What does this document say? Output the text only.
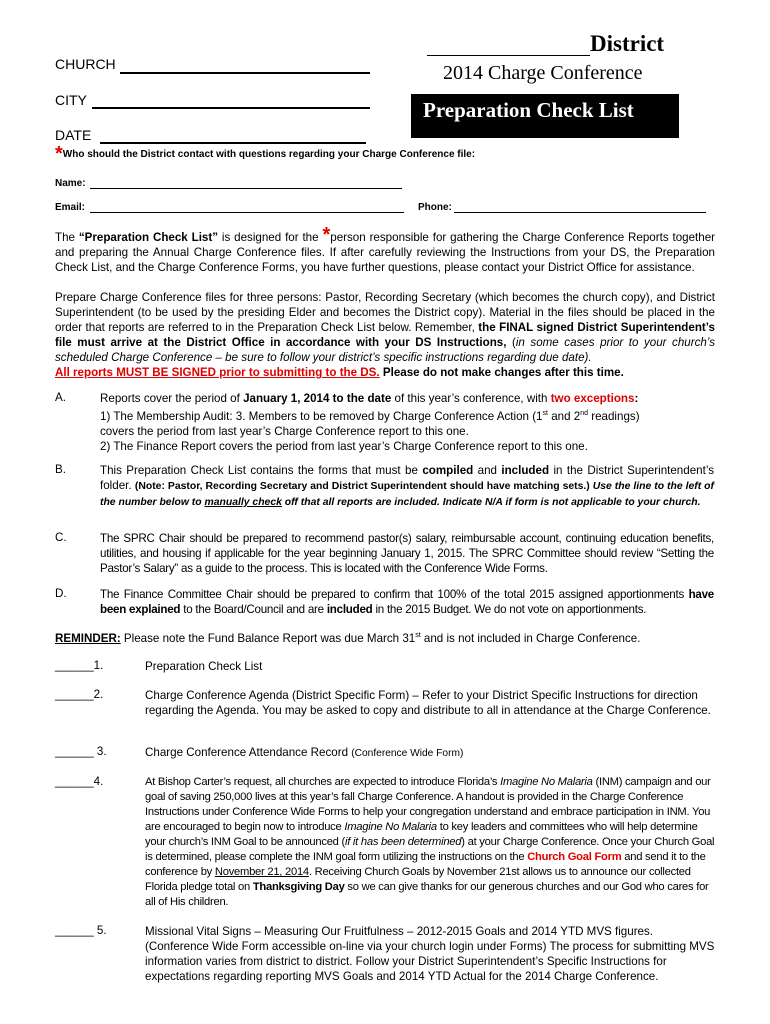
CHURCH
CITY
DATE
District
2014 Charge Conference
Preparation Check List
*Who should the District contact with questions regarding your Charge Conference file:
Name:
Email:	Phone:
The “Preparation Check List” is designed for the *person responsible for gathering the Charge Conference Reports together and preparing the Annual Charge Conference files. If after carefully reviewing the Instructions from your DS, the Preparation Check List, and the Charge Conference Forms, you have further questions, please contact your District Office for assistance.
Prepare Charge Conference files for three persons: Pastor, Recording Secretary (which becomes the church copy), and District Superintendent (to be used by the presiding Elder and becomes the District copy). Material in the files should be placed in the order that reports are referred to in the Preparation Check List below. Remember, the FINAL signed District Superintendent’s file must arrive at the District Office in accordance with your DS Instructions, (in some cases prior to your church’s scheduled Charge Conference – be sure to follow your district’s specific instructions regarding due date).
All reports MUST BE SIGNED prior to submitting to the DS. Please do not make changes after this time.
A.	Reports cover the period of January 1, 2014 to the date of this year’s conference, with two exceptions:
1) The Membership Audit: 3. Members to be removed by Charge Conference Action (1st and 2nd readings)
covers the period from last year’s Charge Conference report to this one.
2) The Finance Report covers the period from last year’s Charge Conference report to this one.
B.	This Preparation Check List contains the forms that must be compiled and included in the District Superintendent’s folder. (Note: Pastor, Recording Secretary and District Superintendent should have matching sets.) Use the line to the left of the number below to manually check off that all reports are included. Indicate N/A if form is not applicable to your church.
C.	The SPRC Chair should be prepared to recommend pastor(s) salary, reimbursable account, continuing education benefits, utilities, and housing if applicable for the year beginning January 1, 2015. The SPRC Committee should review “Setting the Pastor’s Salary” as a guide to the process. This is located with the Conference Wide Forms.
D.	The Finance Committee Chair should be prepared to confirm that 100% of the total 2015 assigned apportionments have been explained to the Board/Council and are included in the 2015 Budget. We do not vote on apportionments.
REMINDER: Please note the Fund Balance Report was due March 31st and is not included in Charge Conference.
______1.	Preparation Check List
______2.	Charge Conference Agenda (District Specific Form) – Refer to your District Specific Instructions for direction regarding the Agenda. You may be asked to copy and distribute to all in attendance at the Charge Conference.
______ 3.	Charge Conference Attendance Record (Conference Wide Form)
______4.	At Bishop Carter’s request, all churches are expected to introduce Florida’s Imagine No Malaria (INM) campaign and our goal of saving 250,000 lives at this year’s fall Charge Conference. A handout is provided in the Charge Conference Instructions under Conference Wide Forms to help your congregation understand and embrace participation in INM. You are encouraged to begin now to introduce Imagine No Malaria to key leaders and committees who will help determine your church’s INM Goal to be announced (if it has been determined) at your Charge Conference. Once your Church Goal is determined, please complete the INM goal form utilizing the instructions on the Church Goal Form and send it to the conference by November 21, 2014. Receiving Church Goals by November 21st allows us to announce our collected Florida pledge total on Thanksgiving Day so we can give thanks for our generous churches and our God who cares for all of His children.
______ 5.	Missional Vital Signs – Measuring Our Fruitfulness – 2012-2015 Goals and 2014 YTD MVS figures. (Conference Wide Form accessible on-line via your church login under Forms) The process for submitting MVS information varies from district to district. Follow your District Superintendent’s Specific Instructions for expectations regarding reporting MVS Goals and 2014 YTD Actual for the 2014 Charge Conference.
